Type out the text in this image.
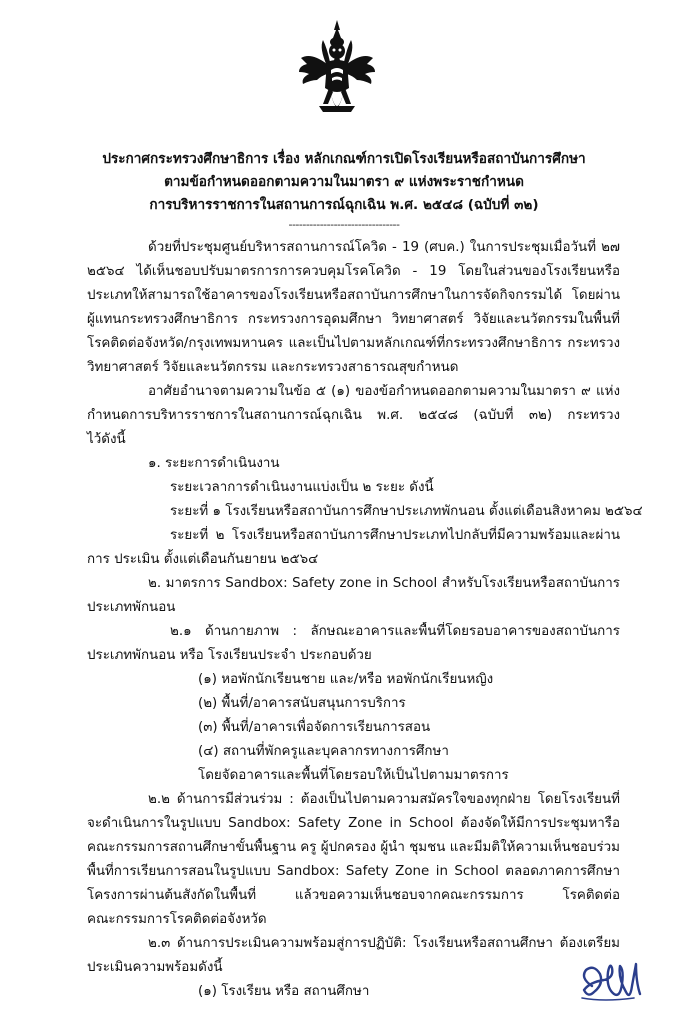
ประกาศกระทรวงศึกษาธิการ เรื่อง หลักเกณฑ์การเปิดโรงเรียนหรือสถาบันการศึกษา
ตามข้อกำหนดออกตามความในมาตรา ๙ แห่งพระราชกำหนด
การบริหารราชการในสถานการณ์ฉุกเฉิน พ.ศ. ๒๕๔๘ (ฉบับที่ ๓๒)
--------------------------------
ด้วยที่ประชุมศูนย์บริหารสถานการณ์โควิด - 19 (ศบค.) ในการประชุมเมื่อวันที่ ๒๗
๒๕๖๔ ได้เห็นชอบปรับมาตรการการควบคุมโรคโควิด - 19 โดยในส่วนของโรงเรียนหรือ
ประเภทให้สามารถใช้อาคารของโรงเรียนหรือสถาบันการศึกษาในการจัดกิจกรรมได้ โดยผ่าน
ผู้แทนกระทรวงศึกษาธิการ กระทรวงการอุดมศึกษา วิทยาศาสตร์ วิจัยและนวัตกรรมในพื้นที่
โรคติดต่อจังหวัด/กรุงเทพมหานคร และเป็นไปตามหลักเกณฑ์ที่กระทรวงศึกษาธิการ กระทรวง
วิทยาศาสตร์ วิจัยและนวัตกรรม และกระทรวงสาธารณสุขกำหนด
อาศัยอำนาจตามความในข้อ ๕ (๑) ของข้อกำหนดออกตามความในมาตรา ๙ แห่ง
กำหนดการบริหารราชการในสถานการณ์ฉุกเฉิน พ.ศ. ๒๕๔๘ (ฉบับที่ ๓๒) กระทรวง
ไว้ดังนี้
๑. ระยะการดำเนินงาน
ระยะเวลาการดำเนินงานแบ่งเป็น ๒ ระยะ ดังนี้
ระยะที่ ๑ โรงเรียนหรือสถาบันการศึกษาประเภทพักนอน ตั้งแต่เดือนสิงหาคม ๒๕๖๔
ระยะที่ ๒ โรงเรียนหรือสถาบันการศึกษาประเภทไปกลับที่มีความพร้อมและผ่าน
การ ประเมิน ตั้งแต่เดือนกันยายน ๒๕๖๔
๒. มาตรการ Sandbox: Safety zone in School สำหรับโรงเรียนหรือสถาบันการ
ประเภทพักนอน
๒.๑ ด้านกายภาพ : ลักษณะอาคารและพื้นที่โดยรอบอาคารของสถาบันการ
ประเภทพักนอน หรือ โรงเรียนประจำ ประกอบด้วย
(๑) หอพักนักเรียนชาย และ/หรือ หอพักนักเรียนหญิง
(๒) พื้นที่/อาคารสนับสนุนการบริการ
(๓) พื้นที่/อาคารเพื่อจัดการเรียนการสอน
(๔) สถานที่พักครูและบุคลากรทางการศึกษา
โดยจัดอาคารและพื้นที่โดยรอบให้เป็นไปตามมาตรการ
๒.๒ ด้านการมีส่วนร่วม : ต้องเป็นไปตามความสมัครใจของทุกฝ่าย โดยโรงเรียนที่
จะดำเนินการในรูปแบบ Sandbox: Safety Zone in School ต้องจัดให้มีการประชุมหารือ
คณะกรรมการสถานศึกษาขั้นพื้นฐาน ครู ผู้ปกครอง ผู้นำ ชุมชน และมีมติให้ความเห็นชอบร่วม
พื้นที่การเรียนการสอนในรูปแบบ Sandbox: Safety Zone in School ตลอดภาคการศึกษา
โครงการผ่านต้นสังกัดในพื้นที่ แล้วขอความเห็นชอบจากคณะกรรมการ โรคติดต่อ
คณะกรรมการโรคติดต่อจังหวัด
๒.๓ ด้านการประเมินความพร้อมสู่การปฏิบัติ: โรงเรียนหรือสถานศึกษา ต้องเตรียม
ประเมินความพร้อมดังนี้
(๑) โรงเรียน หรือ สถานศึกษา
